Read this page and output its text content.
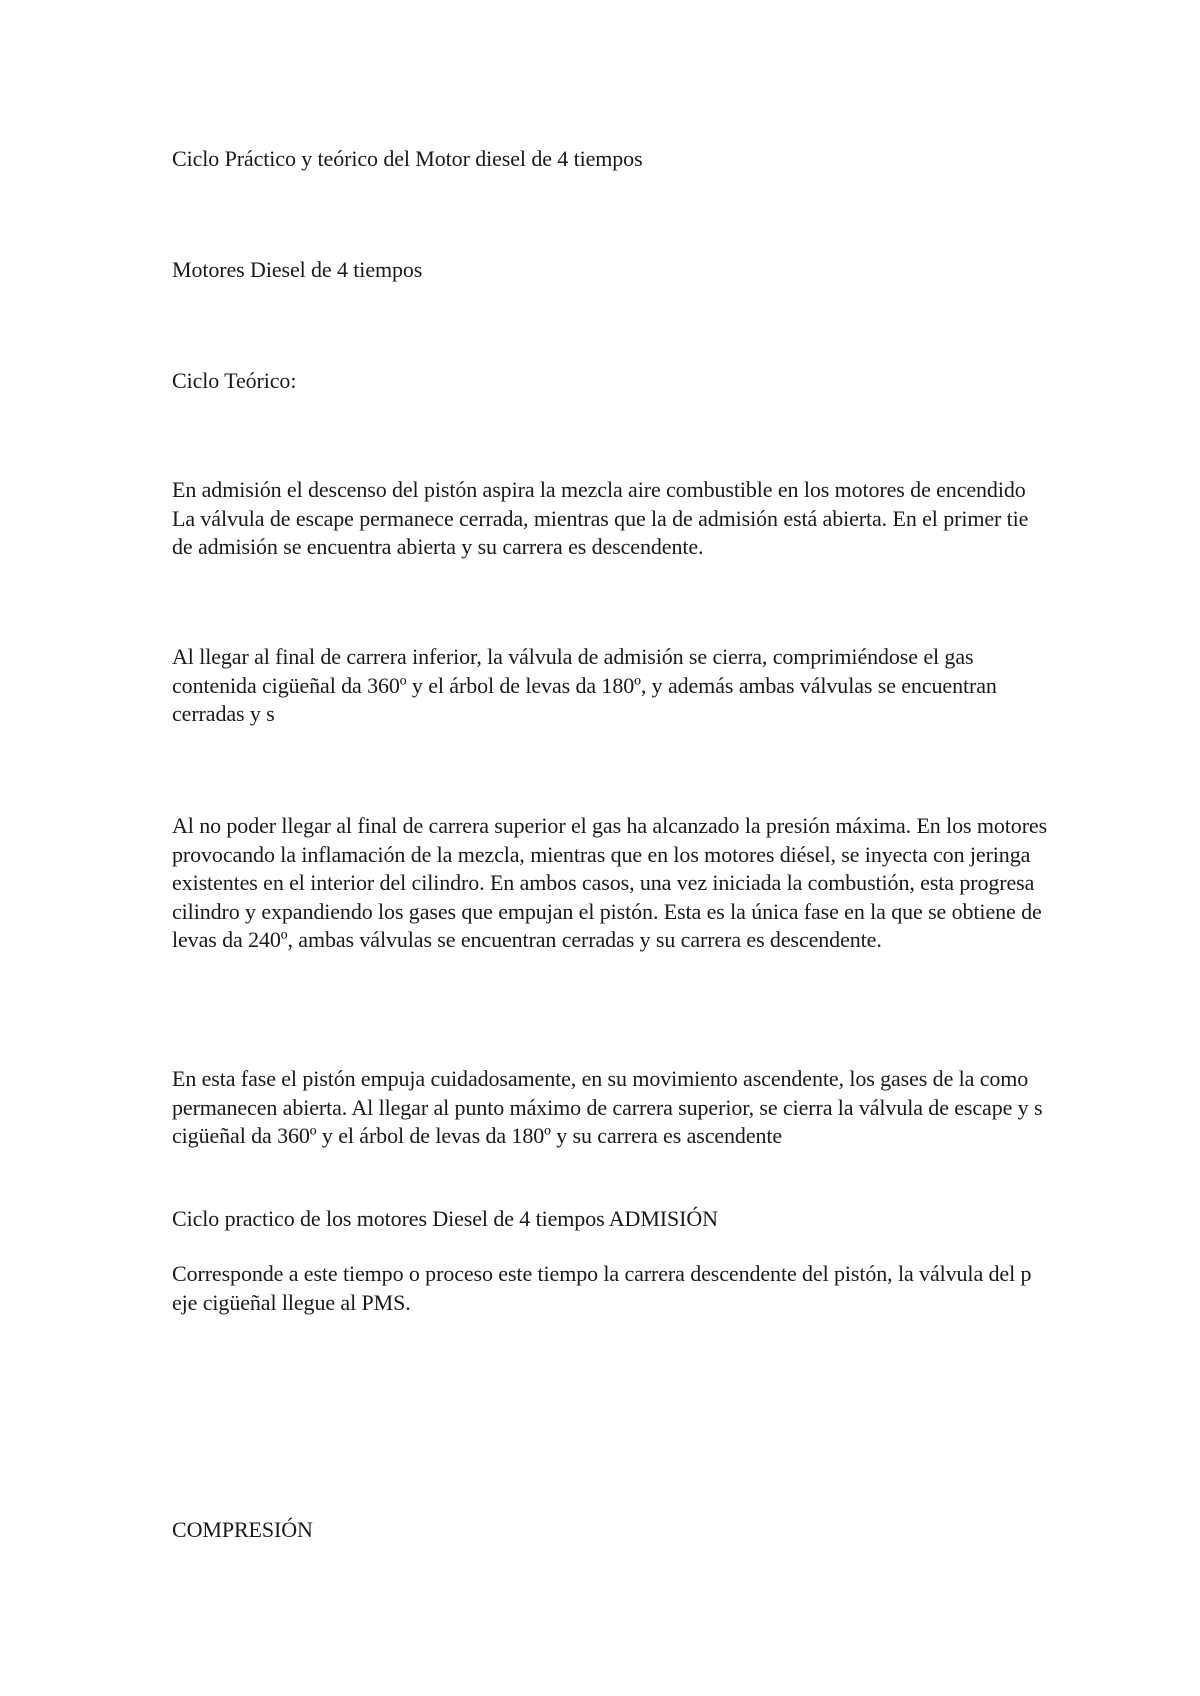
Ciclo Práctico y teórico del Motor diesel de 4 tiempos

Motores Diesel de 4 tiempos

Ciclo Teórico:

En admisión el descenso del pistón aspira la mezcla aire combustible en los motores de encendido La válvula de escape permanece cerrada, mientras que la de admisión está abierta. En el primer tie de admisión se encuentra abierta y su carrera es descendente.

Al llegar al final de carrera inferior, la válvula de admisión se cierra, comprimiéndose el gas contenida cigüeñal da 360º y el árbol de levas da 180º, y además ambas válvulas se encuentran cerradas y s

Al no poder llegar al final de carrera superior el gas ha alcanzado la presión máxima. En los motores provocando la inflamación de la mezcla, mientras que en los motores diésel, se inyecta con jeringa existentes en el interior del cilindro. En ambos casos, una vez iniciada la combustión, esta progresa cilindro y expandiendo los gases que empujan el pistón. Esta es la única fase en la que se obtiene de levas da 240º, ambas válvulas se encuentran cerradas y su carrera es descendente.

En esta fase el pistón empuja cuidadosamente, en su movimiento ascendente, los gases de la como permanecen abierta. Al llegar al punto máximo de carrera superior, se cierra la válvula de escape y s cigüeñal da 360º y el árbol de levas da 180º y su carrera es ascendente

Ciclo practico de los motores Diesel de 4 tiempos ADMISIÓN

Corresponde a este tiempo o proceso este tiempo la carrera descendente del pistón, la válvula del p eje cigüeñal llegue al PMS.

COMPRESIÓN
